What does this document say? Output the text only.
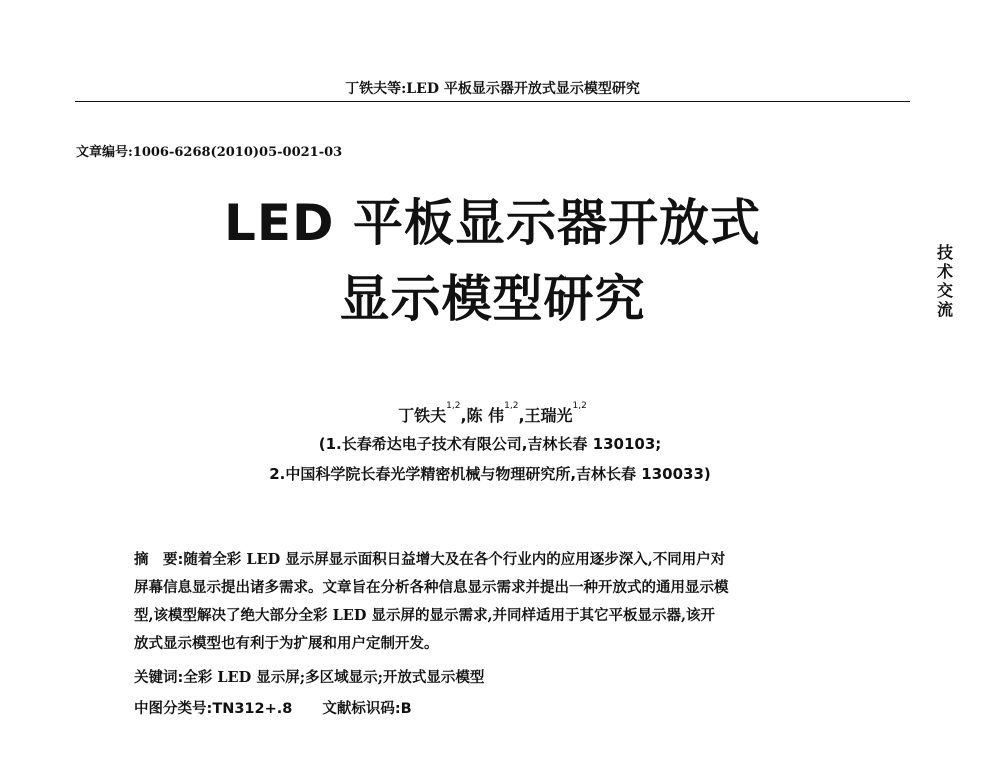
丁铁夫等:LED 平板显示器开放式显示模型研究
文章编号:1006-6268(2010)05-0021-03
LED 平板显示器开放式
显示模型研究
技
术
交
流
丁铁夫$^{1,2}$,陈 伟$^{1,2}$,王瑞光$^{1,2}$
(1.长春希达电子技术有限公司,吉林长春 130103;
2.中国科学院长春光学精密机械与物理研究所,吉林长春 130033)
摘　要:随着全彩 LED 显示屏显示面积日益增大及在各个行业内的应用逐步深入,不同用户对
屏幕信息显示提出诸多需求。文章旨在分析各种信息显示需求并提出一种开放式的通用显示模
型,该模型解决了绝大部分全彩 LED 显示屏的显示需求,并同样适用于其它平板显示器,该开
放式显示模型也有利于为扩展和用户定制开发。
关键词:全彩 LED 显示屏;多区域显示;开放式显示模型
中图分类号:TN312+.8 文献标识码:B
